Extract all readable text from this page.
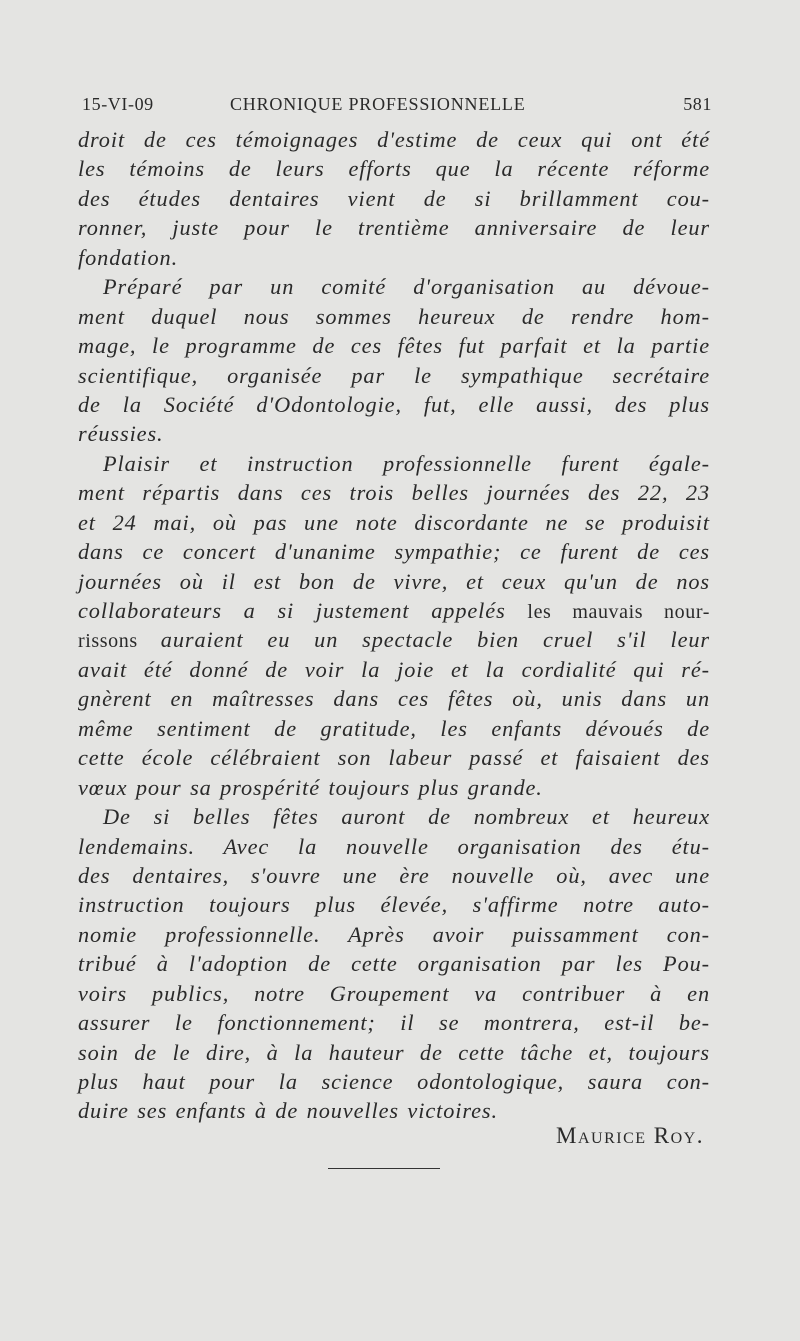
15-VI-09	CHRONIQUE PROFESSIONNELLE	581
droit de ces témoignages d'estime de ceux qui ont été
les témoins de leurs efforts que la récente réforme
des études dentaires vient de si brillamment cou-
ronner, juste pour le trentième anniversaire de leur
fondation.
Préparé par un comité d'organisation au dévoue-
ment duquel nous sommes heureux de rendre hom-
mage, le programme de ces fêtes fut parfait et la partie
scientifique, organisée par le sympathique secrétaire
de la Société d'Odontologie, fut, elle aussi, des plus
réussies.
Plaisir et instruction professionnelle furent égale-
ment répartis dans ces trois belles journées des 22, 23
et 24 mai, où pas une note discordante ne se produisit
dans ce concert d'unanime sympathie; ce furent de ces
journées où il est bon de vivre, et ceux qu'un de nos
collaborateurs a si justement appelés les mauvais nour-
rissons auraient eu un spectacle bien cruel s'il leur
avait été donné de voir la joie et la cordialité qui ré-
gnèrent en maîtresses dans ces fêtes où, unis dans un
même sentiment de gratitude, les enfants dévoués de
cette école célébraient son labeur passé et faisaient des
vœux pour sa prospérité toujours plus grande.
De si belles fêtes auront de nombreux et heureux
lendemains. Avec la nouvelle organisation des étu-
des dentaires, s'ouvre une ère nouvelle où, avec une
instruction toujours plus élevée, s'affirme notre auto-
nomie professionnelle. Après avoir puissamment con-
tribué à l'adoption de cette organisation par les Pou-
voirs publics, notre Groupement va contribuer à en
assurer le fonctionnement; il se montrera, est-il be-
soin de le dire, à la hauteur de cette tâche et, toujours
plus haut pour la science odontologique, saura con-
duire ses enfants à de nouvelles victoires.
Maurice Roy.
